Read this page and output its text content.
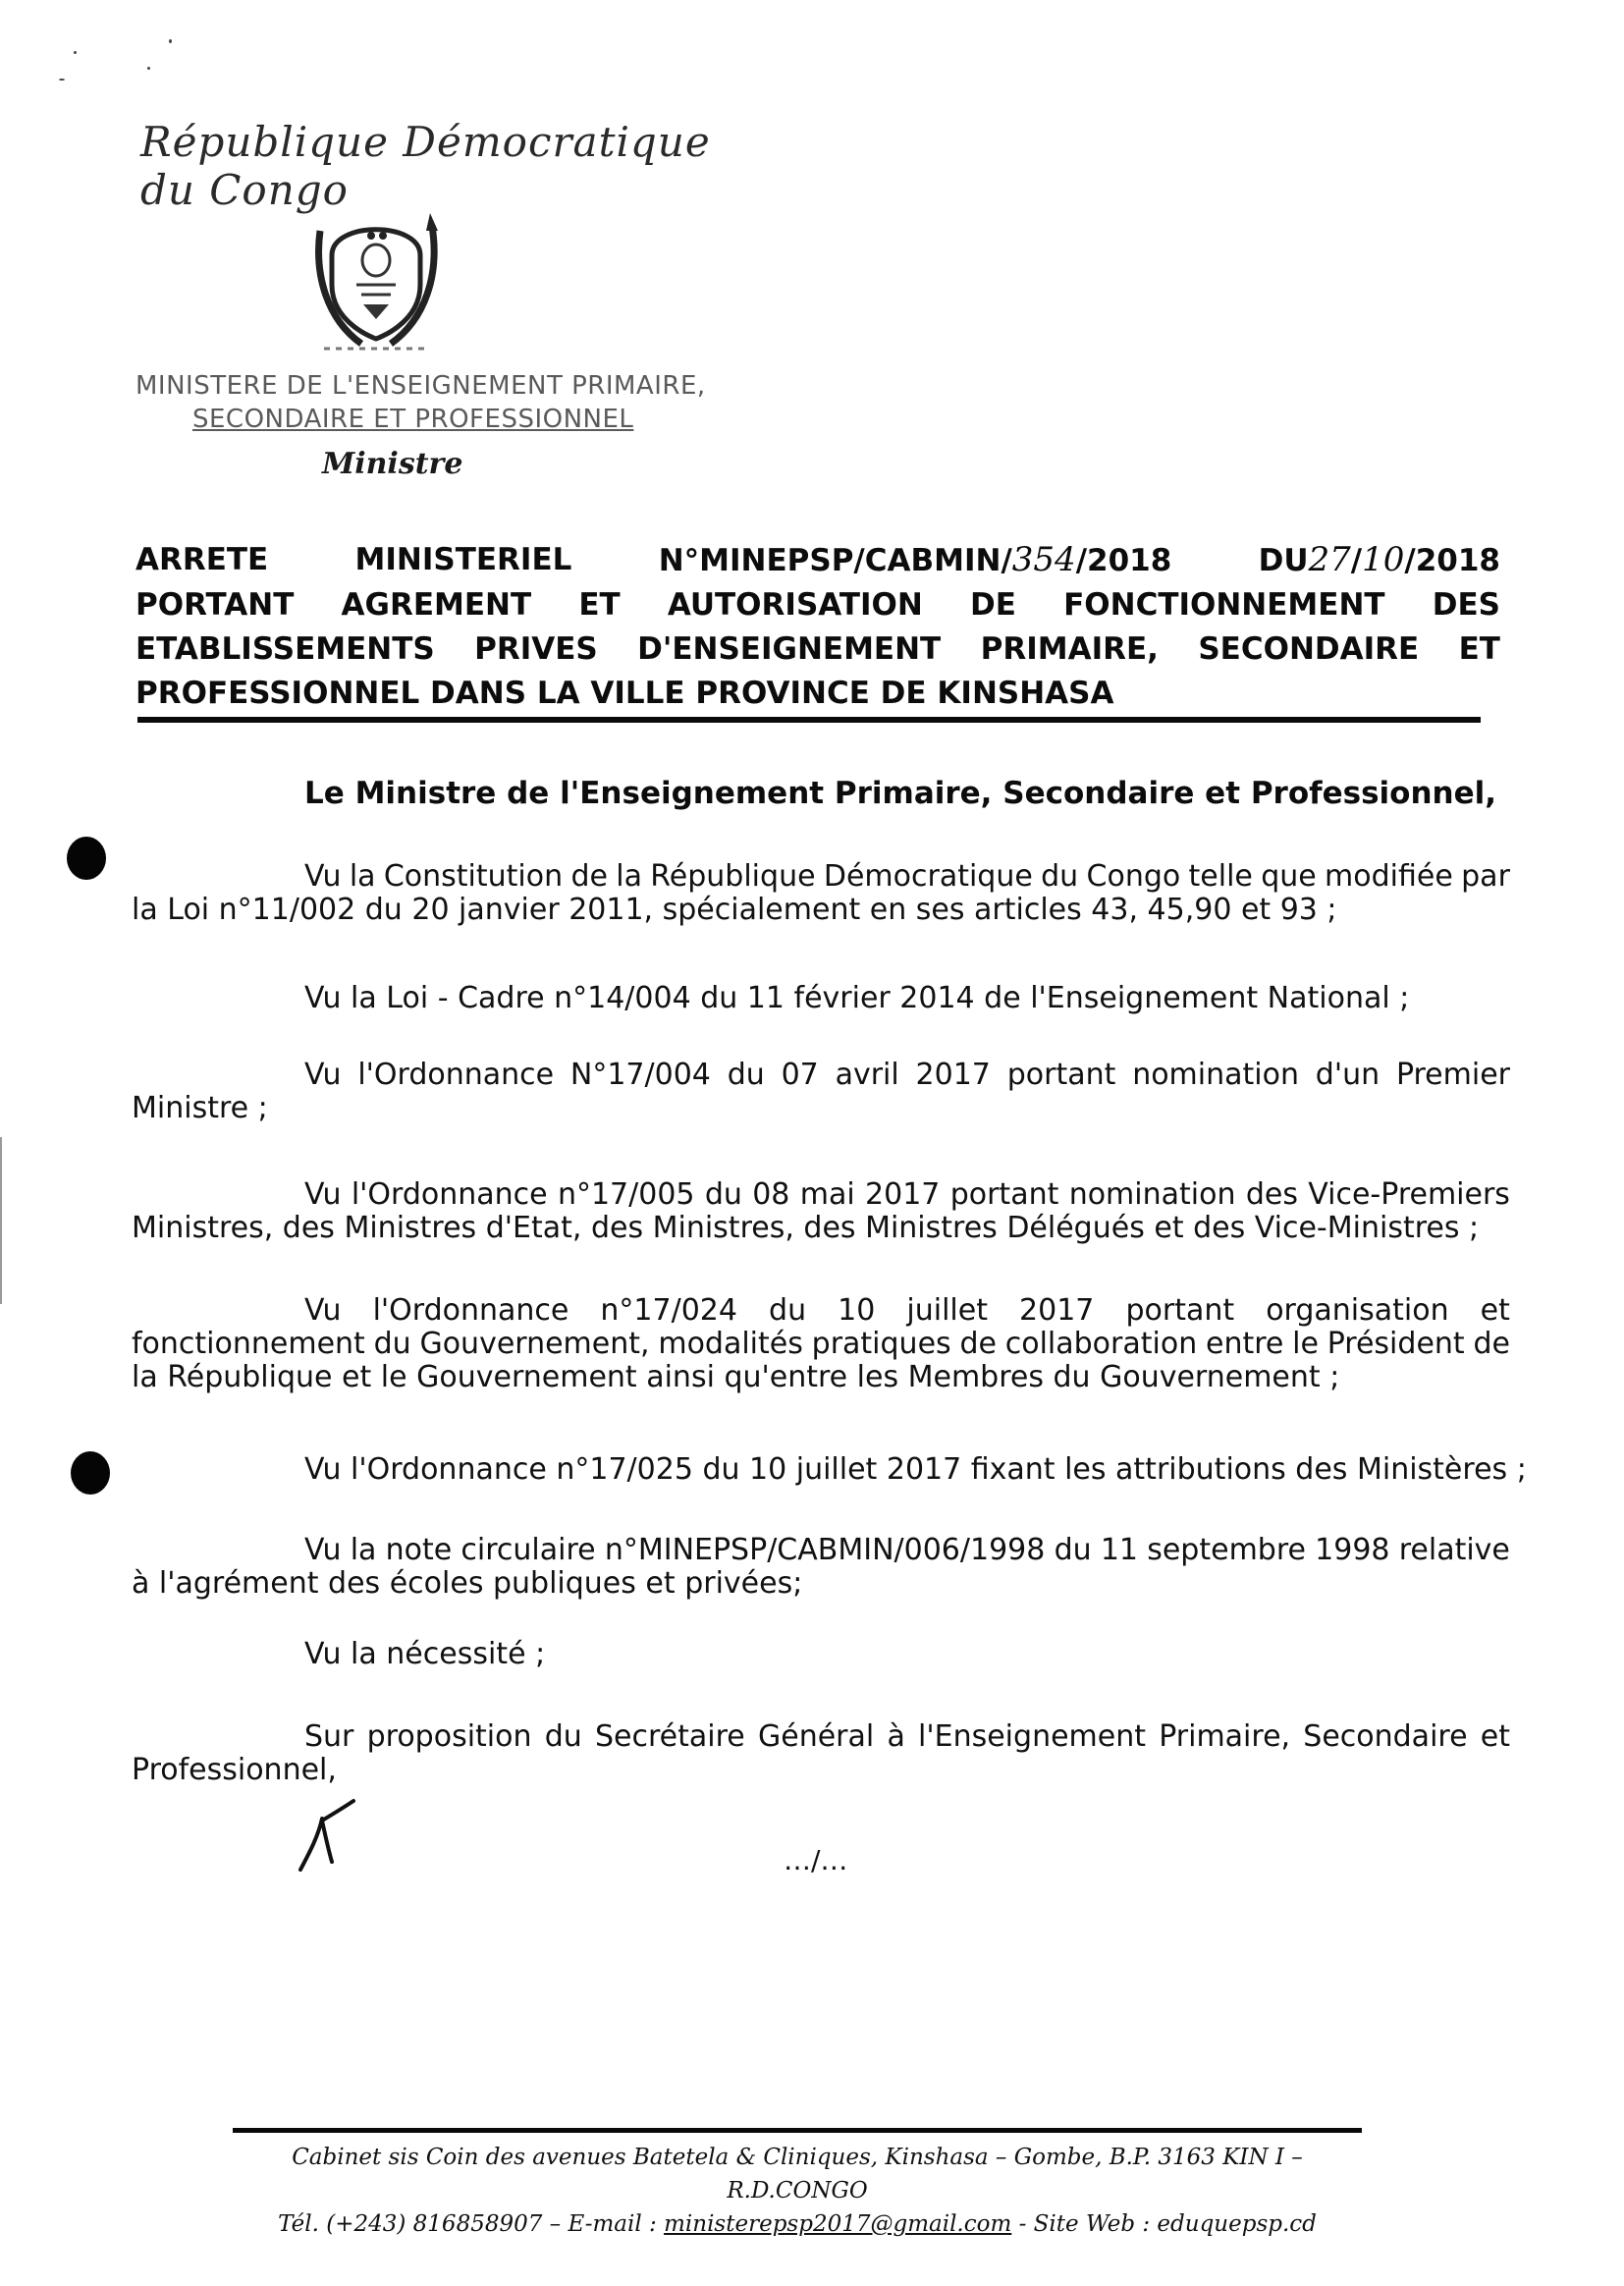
République Démocratique du Congo
MINISTERE DE L'ENSEIGNEMENT PRIMAIRE,
SECONDAIRE ET PROFESSIONNEL
Ministre
ARRETE	MINISTERIEL	N°MINEPSP/CABMIN/354/2018	DU27/10/2018
PORTANT AGREMENT ET AUTORISATION DE FONCTIONNEMENT DES
ETABLISSEMENTS PRIVES D'ENSEIGNEMENT PRIMAIRE, SECONDAIRE ET
PROFESSIONNEL DANS LA VILLE PROVINCE DE KINSHASA
Le Ministre de l'Enseignement Primaire, Secondaire et Professionnel,
Vu la Constitution de la République Démocratique du Congo telle que modifiée par
la Loi n°11/002 du 20 janvier 2011, spécialement en ses articles 43, 45,90 et 93 ;
Vu la Loi - Cadre n°14/004 du 11 février 2014 de l'Enseignement National ;
Vu l'Ordonnance N°17/004 du 07 avril 2017 portant nomination d'un Premier
Ministre ;
Vu l'Ordonnance n°17/005 du 08 mai 2017 portant nomination des Vice-Premiers
Ministres, des Ministres d'Etat, des Ministres, des Ministres Délégués et des Vice-Ministres ;
Vu l'Ordonnance n°17/024 du 10 juillet 2017 portant organisation et
fonctionnement du Gouvernement, modalités pratiques de collaboration entre le Président de
la République et le Gouvernement ainsi qu'entre les Membres du Gouvernement ;
Vu l'Ordonnance n°17/025 du 10 juillet 2017 fixant les attributions des Ministères ;
Vu la note circulaire n°MINEPSP/CABMIN/006/1998 du 11 septembre 1998 relative
à l'agrément des écoles publiques et privées;
Vu la nécessité ;
Sur proposition du Secrétaire Général à l'Enseignement Primaire, Secondaire et
Professionnel,
…/…
Cabinet sis Coin des avenues Batetela & Cliniques, Kinshasa – Gombe, B.P. 3163 KIN I – R.D.CONGO
Tél. (+243) 816858907 – E-mail : ministerepsp2017@gmail.com - Site Web : eduquepsp.cd
